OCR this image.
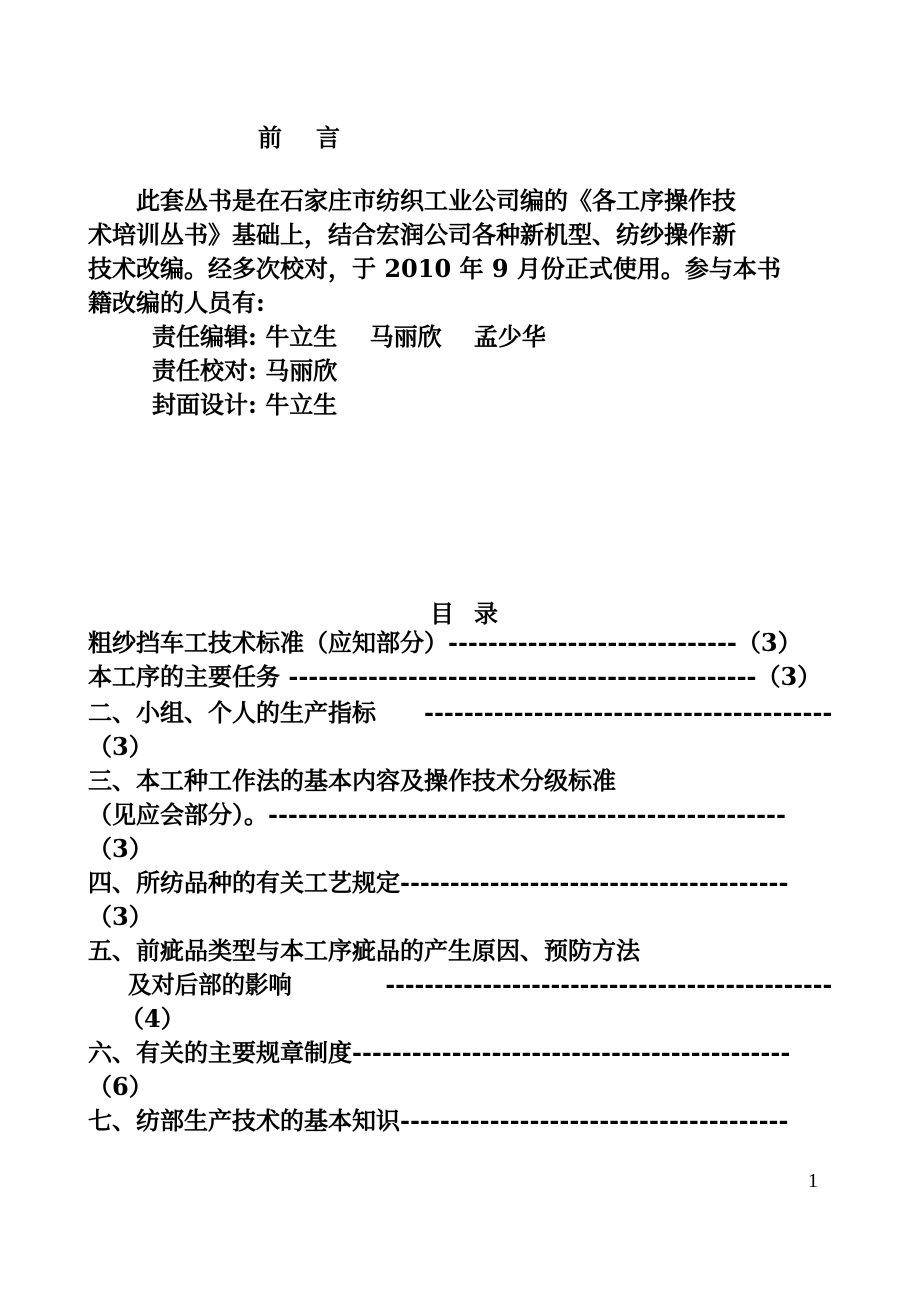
前 言

　　此套丛书是在石家庄市纺织工业公司编的《各工序操作技

术培训丛书》基础上，结合宏润公司各种新机型、纺纱操作新

技术改编。经多次校对，于 2010 年 9 月份正式使用。参与本书

籍改编的人员有:

责任编辑: 牛立生　 马丽欣　 孟少华
责任校对: 马丽欣
封面设计: 牛立生
目 录
粗纱挡车工技术标准（应知部分）-----------------------------（3）
本工序的主要任务 -----------------------------------------------（3）
二、小组、个人的生产指标　　-----------------------------------------
（3）
三、本工种工作法的基本内容及操作技术分级标准
（见应会部分）。----------------------------------------------------
（3）
四、所纺品种的有关工艺规定---------------------------------------
（3）
五、前疵品类型与本工序疵品的产生原因、预防方法
及对后部的影响　　　　----------------------------------------------
（4）
六、有关的主要规章制度--------------------------------------------
（6）
七、纺部生产技术的基本知识---------------------------------------
1
